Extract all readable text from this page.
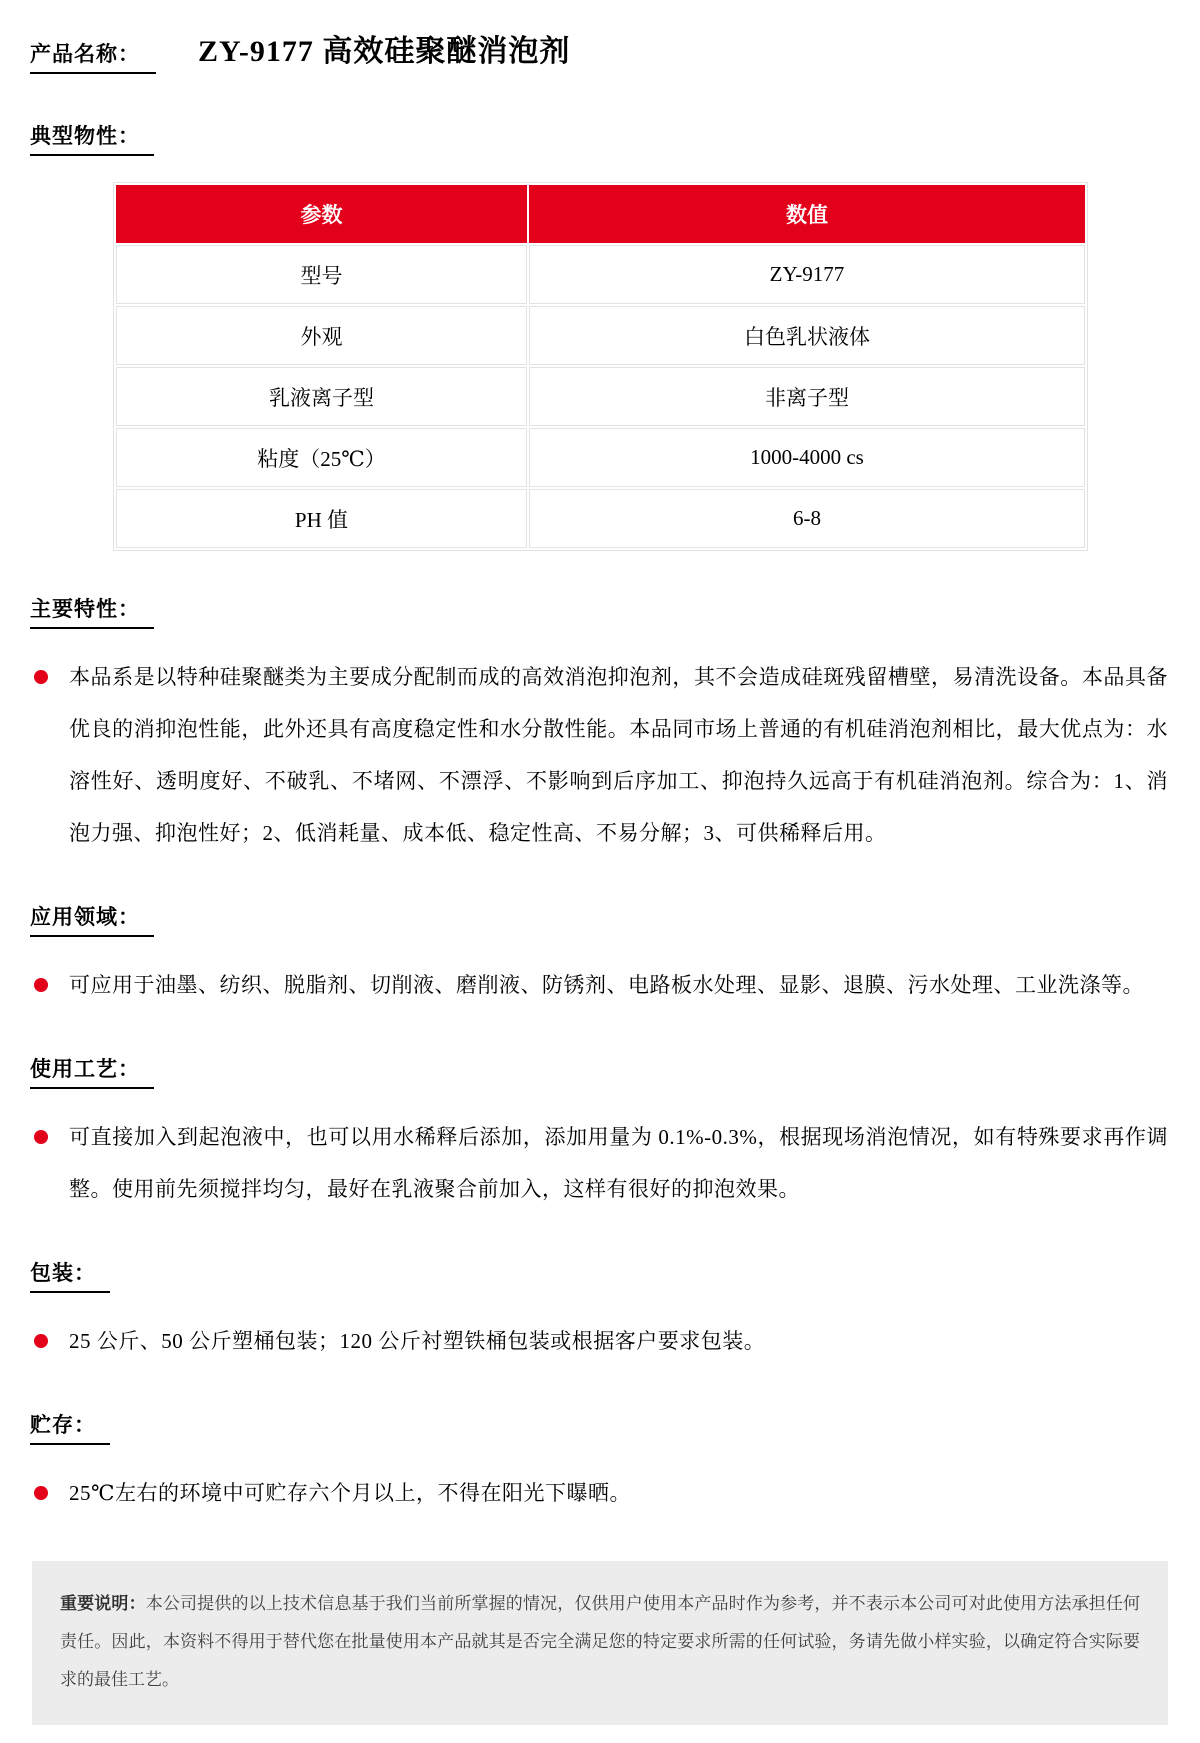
产品名称：	ZY-9177 高效硅聚醚消泡剂
典型物性：
参数	数值
型号	ZY-9177
外观	白色乳状液体
乳液离子型	非离子型
粘度（25℃）	1000-4000 cs
PH 值	6-8
主要特性：
本品系是以特种硅聚醚类为主要成分配制而成的高效消泡抑泡剂，其不会造成硅斑残留槽壁，易清洗设备。本品具备优良的消抑泡性能，此外还具有高度稳定性和水分散性能。本品同市场上普通的有机硅消泡剂相比，最大优点为：水溶性好、透明度好、不破乳、不堵网、不漂浮、不影响到后序加工、抑泡持久远高于有机硅消泡剂。综合为：1、消泡力强、抑泡性好；2、低消耗量、成本低、稳定性高、不易分解；3、可供稀释后用。
应用领域：
可应用于油墨、纺织、脱脂剂、切削液、磨削液、防锈剂、电路板水处理、显影、退膜、污水处理、工业洗涤等。
使用工艺：
可直接加入到起泡液中，也可以用水稀释后添加，添加用量为 0.1%-0.3%，根据现场消泡情况，如有特殊要求再作调整。使用前先须搅拌均匀，最好在乳液聚合前加入，这样有很好的抑泡效果。
包装：
25 公斤、50 公斤塑桶包装；120 公斤衬塑铁桶包装或根据客户要求包装。
贮存：
25℃左右的环境中可贮存六个月以上，不得在阳光下曝晒。
重要说明：本公司提供的以上技术信息基于我们当前所掌握的情况，仅供用户使用本产品时作为参考，并不表示本公司可对此使用方法承担任何责任。因此，本资料不得用于替代您在批量使用本产品就其是否完全满足您的特定要求所需的任何试验，务请先做小样实验，以确定符合实际要求的最佳工艺。
